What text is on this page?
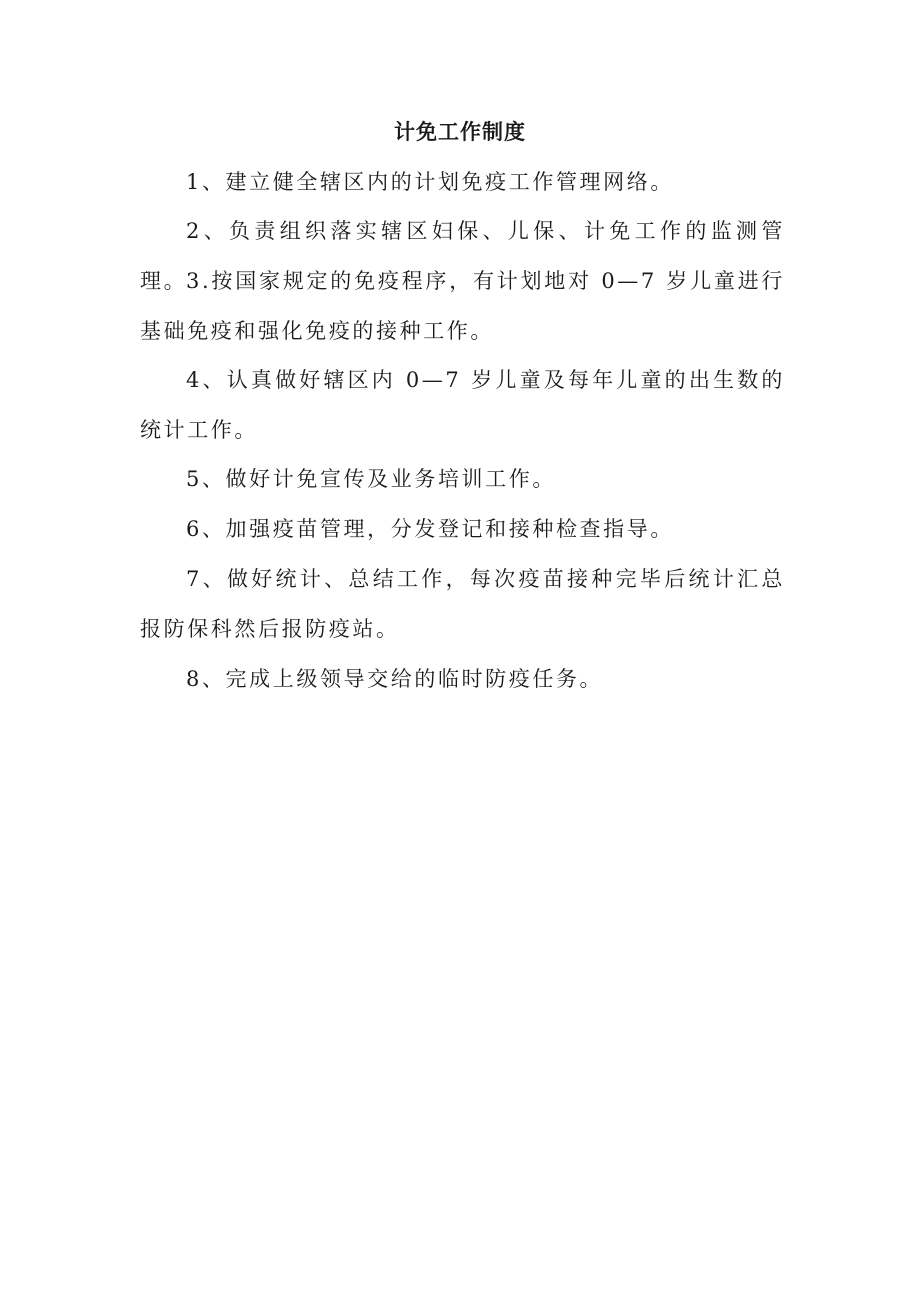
计免工作制度

1、建立健全辖区内的计划免疫工作管理网络。

2、负责组织落实辖区妇保、儿保、计免工作的监测管理。

3.按国家规定的免疫程序，有计划地对 0—7 岁儿童进行基础免疫和强化免疫的接种工作。

4、认真做好辖区内 0—7 岁儿童及每年儿童的出生数的统计工作。

5、做好计免宣传及业务培训工作。

6、加强疫苗管理，分发登记和接种检查指导。

7、做好统计、总结工作，每次疫苗接种完毕后统计汇总报防保科然后报防疫站。

8、完成上级领导交给的临时防疫任务。
